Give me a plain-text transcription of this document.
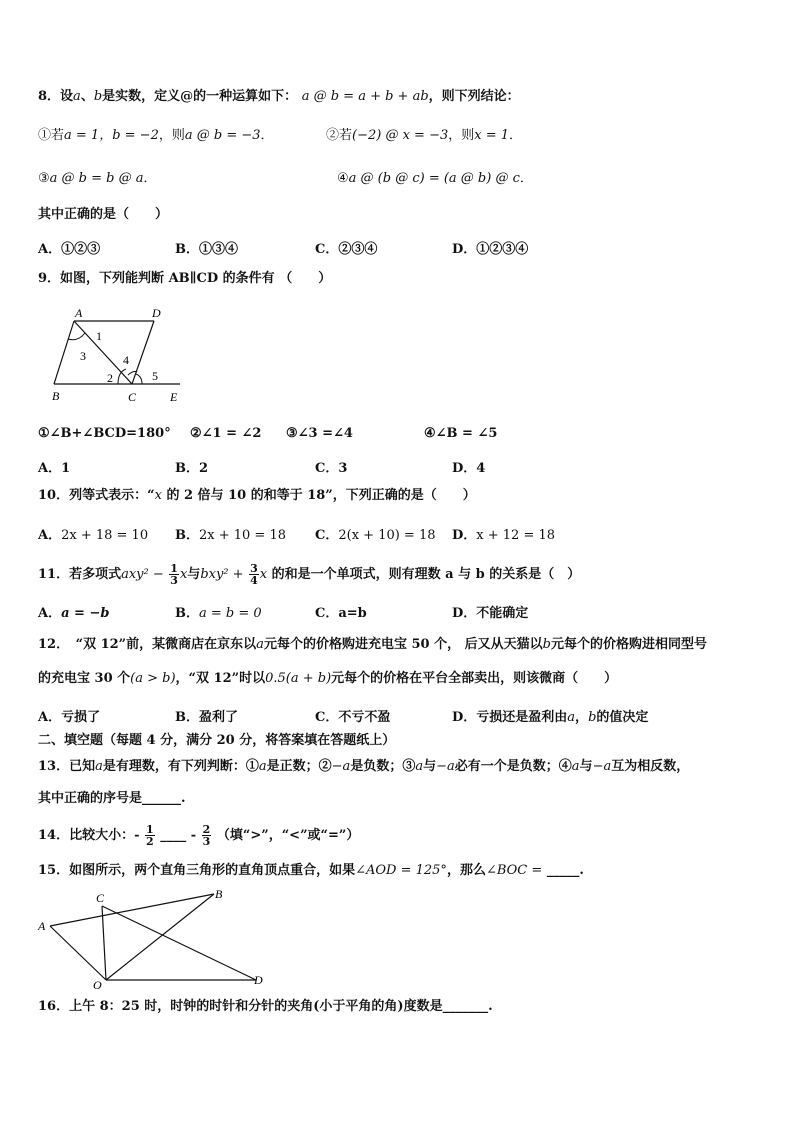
8．设a、b是实数，定义@的一种运算如下： a @ b = a + b + ab，则下列结论：
①若a = 1，b = −2，则a @ b = −3．	②若(−2) @ x = −3，则x = 1．
③a @ b = b @ a．	④a @ (b @ c) = (a @ b) @ c．
其中正确的是（　　）
A．①②③	B．①③④	C．②③④	D．①②③④
9．如图，下列能判断 AB∥CD 的条件有 （　　）
A	D
1
3	4
2	5
B	C	E
①∠B+∠BCD=180° ②∠1 = ∠2 ③∠3 =∠4	④∠B = ∠5
A．1	B．2	C．3	D．4
10．列等式表示：“x 的 2 倍与 10 的和等于 18”，下列正确的是（　　）
A．2x + 18 = 10 B．2x + 10 = 18 C．2(x + 10) = 18 D．x + 12 = 18
11．若多项式$axy^2 - \frac{1}{3}$ x与$bxy^2 + \frac{3}{4}$ x 的和是一个单项式，则有理数 a 与 b 的关系是（　）
A．a = −b	B．a = b = 0	C．a=b	D．不能确定
12．　“双 12”前，某微商店在京东以a元每个的价格购进充电宝 50 个， 后又从天猫以b元每个的价格购进相同型号
的充电宝 30 个(a > b)，“双 12”时以0.5(a + b)元每个的价格在平台全部卖出，则该微商（　　）
A．亏损了	B．盈利了	C．不亏不盈	D．亏损还是盈利由a，b的值决定
二、填空题（每题 4 分，满分 20 分，将答案填在答题纸上）
13．已知a是有理数，有下列判断：①a是正数；②−a是负数；③a与−a必有一个是负数；④a与−a互为相反数，
其中正确的序号是______.
14．比较大小：- $\frac{1}{2}$ ____ - $\frac{2}{3}$ （填“>”，“<”或“=”）
15．如图所示，两个直角三角形的直角顶点重合，如果∠AOD = 125°，那么∠BOC = _____.
C	B
A
O	D
16．上午 8：25 时，时钟的时针和分针的夹角(小于平角的角)度数是_______.
